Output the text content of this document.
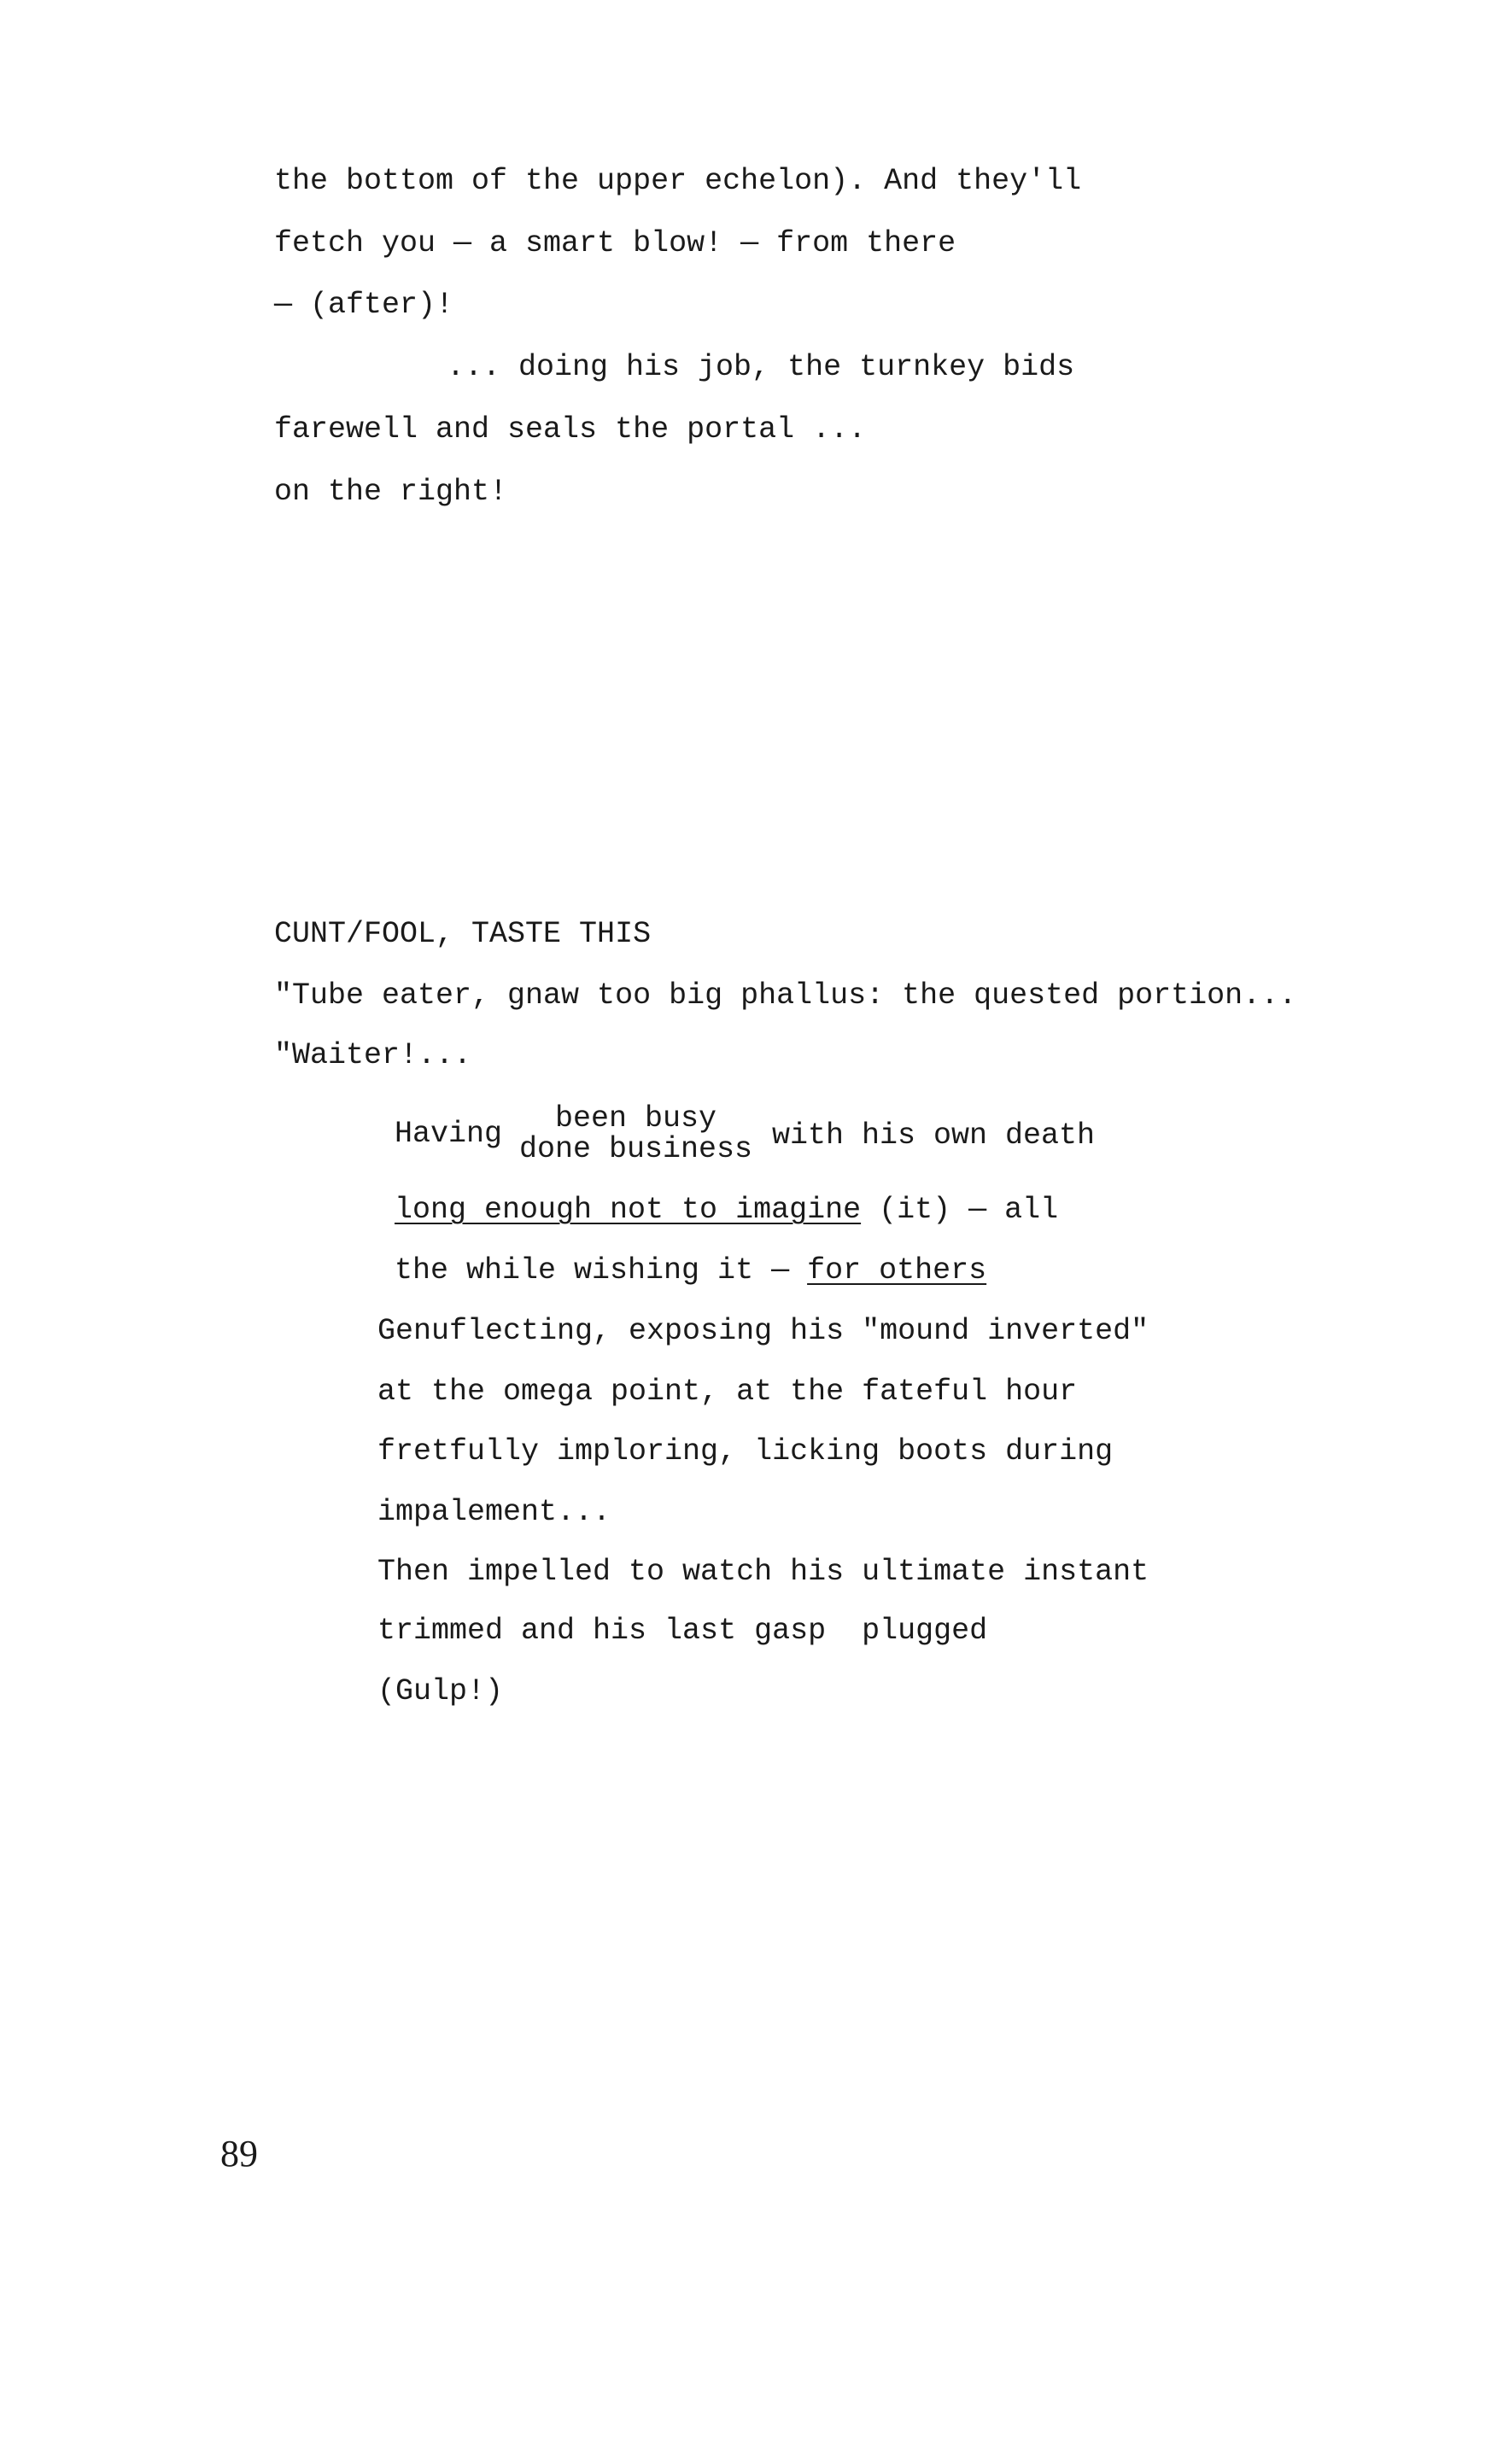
the bottom of the upper echelon). And they'll
fetch you — a smart blow! — from there
— (after)!
... doing his job, the turnkey bids
farewell and seals the portal ...
on the right!
CUNT/FOOL, TASTE THIS
"Tube eater, gnaw too big phallus: the quested portion...
"Waiter!...
Having been busy
done business with his own death
long enough not to imagine (it) — all
the while wishing it — for others
Genuflecting, exposing his "mound inverted"
at the omega point, at the fateful hour
fretfully imploring, licking boots during
impalement...
Then impelled to watch his ultimate instant
trimmed and his last gasp  plugged
(Gulp!)
89
